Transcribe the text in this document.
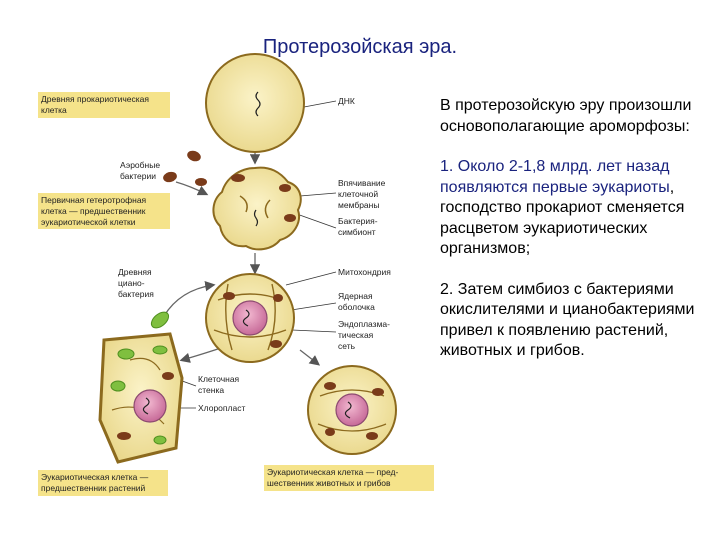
Протерозойская эра.
Древняя прокариотическая
клетка
Первичная гетеротрофная
клетка — предшественник
эукариотической клетки
Эукариотическая клетка —
предшественник растений
Эукариотическая клетка — пред-
шественник животных и грибов
Аэробные
бактерии
Древняя
циано-
бактерия
ДНК
Впячивание
клеточной
мембраны
Бактерия-
симбионт
Митохондрия
Ядерная
оболочка
Эндоплазма-
тическая
сеть
Клеточная
стенка
Хлоропласт

В протерозойскую эру произошли основополагающие ароморфозы:

1. Около 2-1,8 млрд. лет назад появляются первые эукариоты, господство прокариот сменяется расцветом эукариотических организмов;

2. Затем симбиоз с бактериями окислителями и цианобактериями привел к появлению растений, животных и грибов.
